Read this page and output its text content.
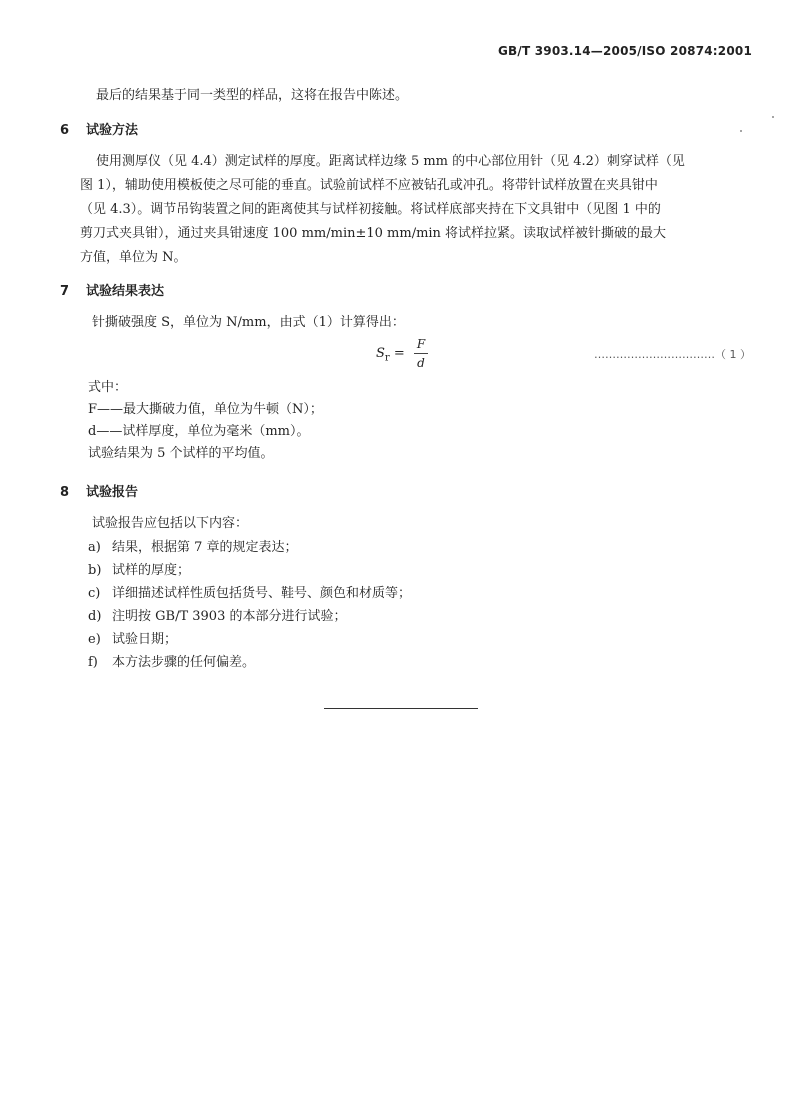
GB/T 3903.14—2005/ISO 20874:2001
最后的结果基于同一类型的样品，这将在报告中陈述。
6 试验方法
使用测厚仪（见 4.4）测定试样的厚度。距离试样边缘 5 mm 的中心部位用针（见 4.2）刺穿试样（见
图 1），辅助使用模板使之尽可能的垂直。试验前试样不应被钻孔或冲孔。将带针试样放置在夹具钳中
（见 4.3）。调节吊钩装置之间的距离使其与试样初接触。将试样底部夹持在下文具钳中（见图 1 中的
剪刀式夹具钳），通过夹具钳速度 100 mm/min±10 mm/min 将试样拉紧。读取试样被针撕破的最大
方值，单位为 N。
7 试验结果表达
针撕破强度 S，单位为 N/mm，由式（1）计算得出：
$S_r$ =
F
d
……………………………（ 1 ）
式中：
F——最大撕破力值，单位为牛顿（N）；
d——试样厚度，单位为毫米（mm）。
试验结果为 5 个试样的平均值。
8 试验报告
试验报告应包括以下内容：
a) 结果，根据第 7 章的规定表达；
b) 试样的厚度；
c) 详细描述试样性质包括货号、鞋号、颜色和材质等；
d) 注明按 GB/T 3903 的本部分进行试验；
e) 试验日期；
f) 本方法步骤的任何偏差。
